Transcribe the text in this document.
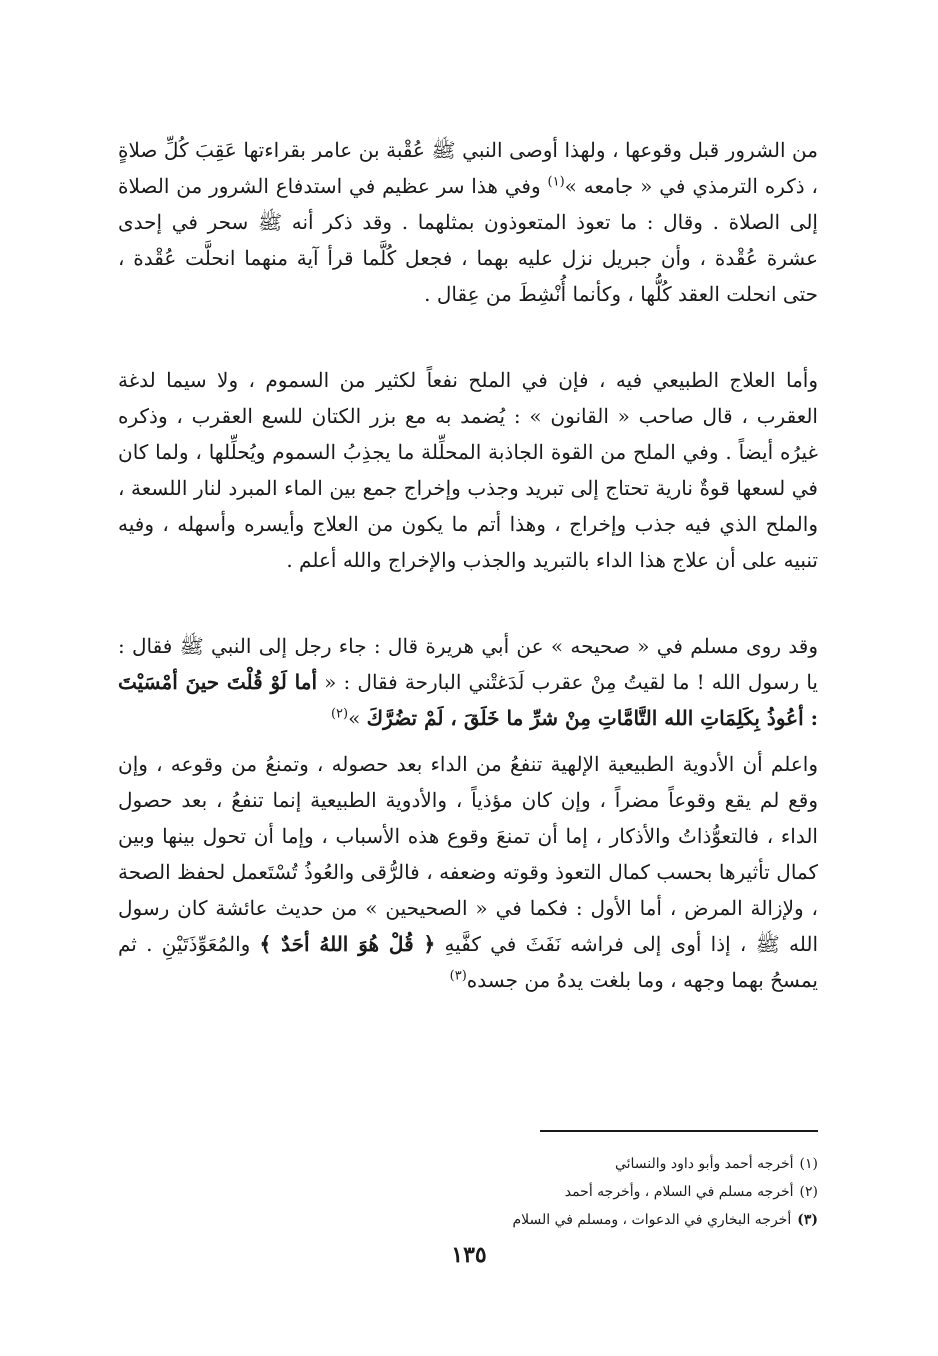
من الشرور قبل وقوعها ، ولهذا أوصى النبي ﷺ عُقْبة بن عامر بقراءتها عَقِبَ كُلِّ صلاةٍ ، ذكره الترمذي في « جامعه »$^{(١)}$ وفي هذا سر عظيم في استدفاع الشرور من الصلاة إلى الصلاة . وقال : ما تعوذ المتعوذون بمثلهما . وقد ذكر أنه ﷺ سحر في إحدى عشرة عُقْدة ، وأن جبريل نزل عليه بهما ، فجعل كُلَّما قرأ آية منهما انحلَّت عُقْدة ، حتى انحلت العقد كُلُّها ، وكأنما أُنْشِطَ من عِقال .

وأما العلاج الطبيعي فيه ، فإن في الملح نفعاً لكثير من السموم ، ولا سيما لدغة العقرب ، قال صاحب « القانون » : يُضمد به مع بزر الكتان للسع العقرب ، وذكره غيرُه أيضاً . وفي الملح من القوة الجاذبة المحلِّلة ما يجذِبُ السموم ويُحلِّلها ، ولما كان في لسعها قوةٌ نارية تحتاج إلى تبريد وجذب وإخراج جمع بين الماء المبرد لنار اللسعة ، والملح الذي فيه جذب وإخراج ، وهذا أتم ما يكون من العلاج وأيسره وأسهله ، وفيه تنبيه على أن علاج هذا الداء بالتبريد والجذب والإخراج والله أعلم .

وقد روى مسلم في « صحيحه » عن أبي هريرة قال : جاء رجل إلى النبي ﷺ فقال : يا رسول الله ! ما لقيتُ مِنْ عقرب لَدَغتْني البارحة فقال : « أما لَوْ قُلْتَ حينَ أمْسَيْتَ : أعُوذُ بِكَلِمَاتِ الله التَّامَّاتِ مِنْ شرِّ ما خَلَقَ ، لَمْ تضُرَّكَ »$^{(٢)}$

واعلم أن الأدوية الطبيعية الإلهية تنفعُ من الداء بعد حصوله ، وتمنعُ من وقوعه ، وإن وقع لم يقع وقوعاً مضراً ، وإن كان مؤذياً ، والأدوية الطبيعية إنما تنفعُ ، بعد حصول الداء ، فالتعوُّذاتُ والأذكار ، إما أن تمنعَ وقوع هذه الأسباب ، وإما أن تحول بينها وبين كمال تأثيرها بحسب كمال التعوذ وقوته وضعفه ، فالرُّقى والعُوذُ تُسْتَعمل لحفظ الصحة ، ولإزالة المرض ، أما الأول : فكما في « الصحيحين » من حديث عائشة كان رسول الله ﷺ ، إذا أوى إلى فراشه نَفَثَ في كفَّيهِ ﴿ قُلْ هُوَ اللهُ أحَدٌ ﴾ والمُعَوِّذَتَيْنِ . ثم يمسحُ بهما وجهه ، وما بلغت يدهُ من جسده$^{(٣)}$

(١)أخرجه أحمد وأبو داود والنسائي
(٢)أخرجه مسلم في السلام ، وأخرجه أحمد
(٣)أخرجه البخاري في الدعوات ، ومسلم في السلام
١٣٥
